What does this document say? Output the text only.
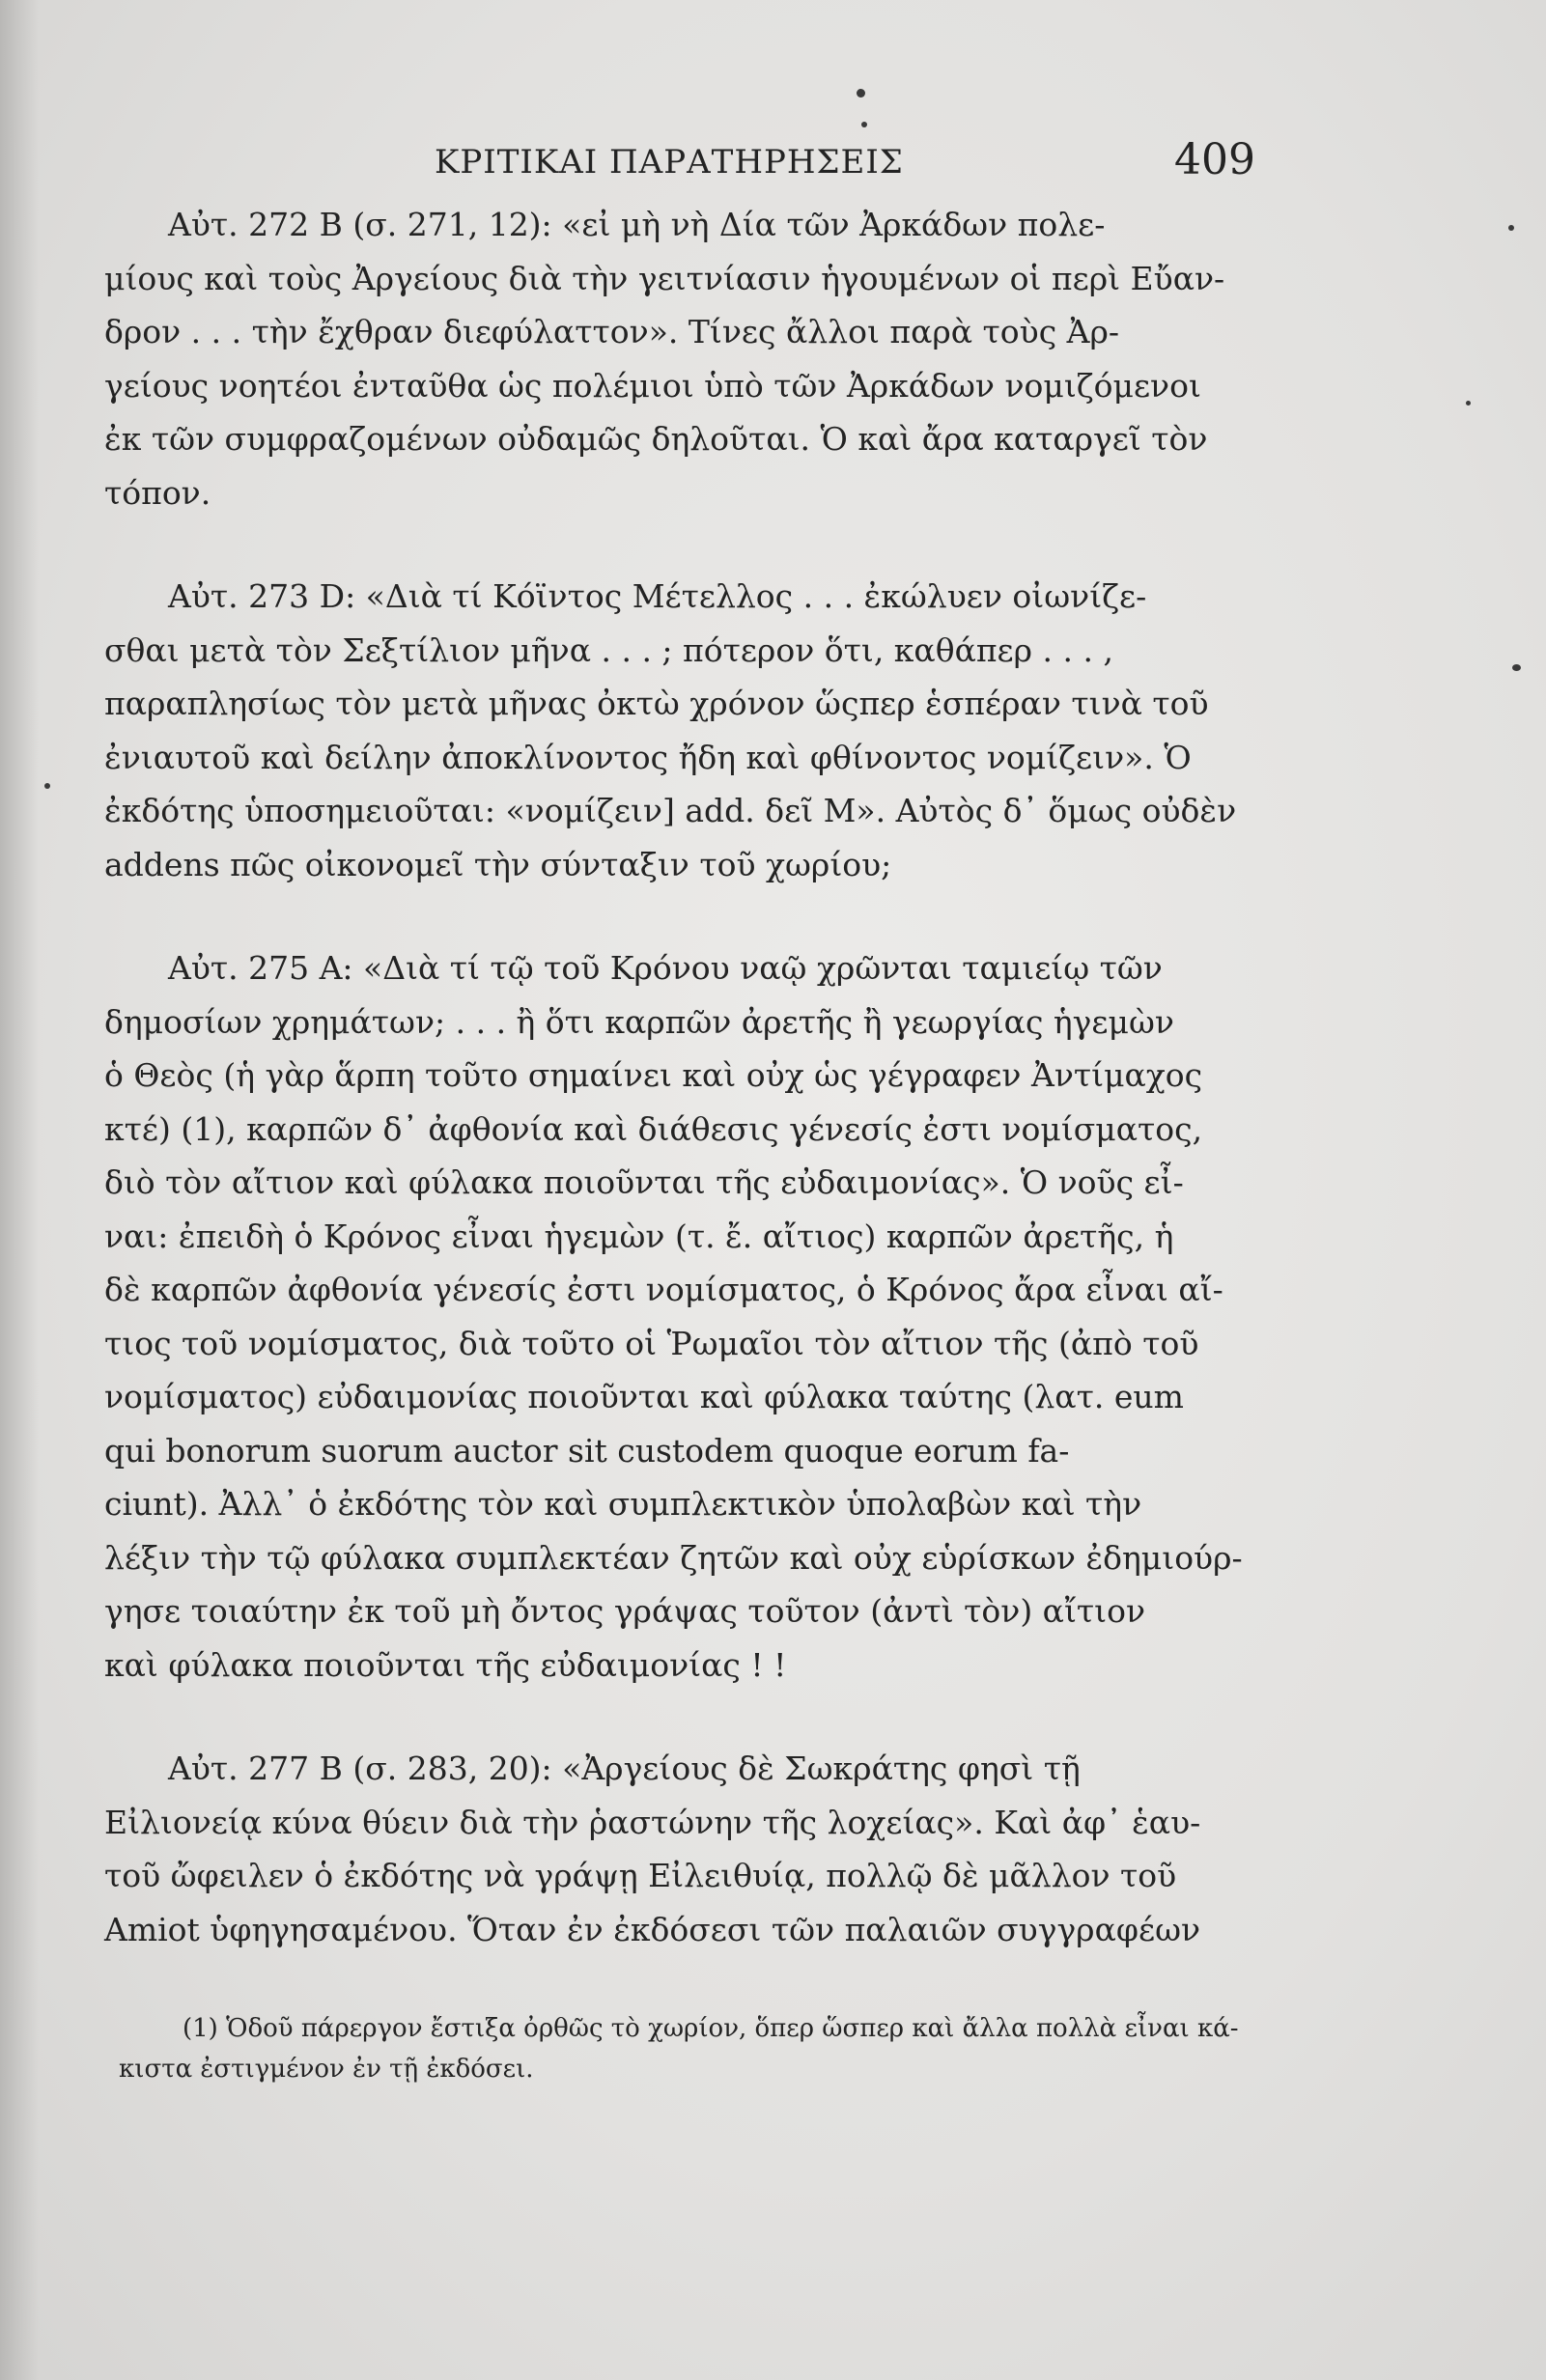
ΚΡΙΤΙΚΑΙ ΠΑΡΑΤΗΡΗΣΕΙΣ	409
Αὐτ. 272 Β (σ. 271, 12): «εἰ μὴ νὴ Δία τῶν Ἀρκάδων πολε-
μίους καὶ τοὺς Ἀργείους διὰ τὴν γειτνίασιν ἡγουμένων οἱ περὶ Εὔαν-
δρον . . . τὴν ἔχθραν διεφύλαττον». Τίνες ἄλλοι παρὰ τοὺς Ἀρ-
γείους νοητέοι ἐνταῦθα ὡς πολέμιοι ὑπὸ τῶν Ἀρκάδων νομιζόμενοι
ἐκ τῶν συμφραζομένων οὐδαμῶς δηλοῦται. Ὁ καὶ ἄρα καταργεῖ τὸν
τόπον.
Αὐτ. 273 D: «Διὰ τί Κόϊντος Μέτελλος . . . ἐκώλυεν οἰωνίζε-
σθαι μετὰ τὸν Σεξτίλιον μῆνα . . . ; πότερον ὅτι, καθάπερ . . . ,
παραπλησίως τὸν μετὰ μῆνας ὀκτὼ χρόνον ὥςπερ ἑσπέραν τινὰ τοῦ
ἐνιαυτοῦ καὶ δείλην ἀποκλίνοντος ἤδη καὶ φθίνοντος νομίζειν». Ὁ
ἐκδότης ὑποσημειοῦται: «νομίζειν] add. δεῖ M». Αὐτὸς δ᾽ ὅμως οὐδὲν
addens πῶς οἰκονομεῖ τὴν σύνταξιν τοῦ χωρίου;
Αὐτ. 275 Α: «Διὰ τί τῷ τοῦ Κρόνου ναῷ χρῶνται ταμιείῳ τῶν
δημοσίων χρημάτων; . . . ἢ ὅτι καρπῶν ἀρετῆς ἢ γεωργίας ἡγεμὼν
ὁ Θεὸς (ἡ γὰρ ἅρπη τοῦτο σημαίνει καὶ οὐχ ὡς γέγραφεν Ἀντίμαχος
κτέ) (1), καρπῶν δ᾽ ἀφθονία καὶ διάθεσις γένεσίς ἐστι νομίσματος,
διὸ τὸν αἴτιον καὶ φύλακα ποιοῦνται τῆς εὐδαιμονίας». Ὁ νοῦς εἶ-
ναι: ἐπειδὴ ὁ Κρόνος εἶναι ἡγεμὼν (τ. ἔ. αἴτιος) καρπῶν ἀρετῆς, ἡ
δὲ καρπῶν ἀφθονία γένεσίς ἐστι νομίσματος, ὁ Κρόνος ἄρα εἶναι αἴ-
τιος τοῦ νομίσματος, διὰ τοῦτο οἱ Ῥωμαῖοι τὸν αἴτιον τῆς (ἀπὸ τοῦ
νομίσματος) εὐδαιμονίας ποιοῦνται καὶ φύλακα ταύτης (λατ. eum
qui bonorum suorum auctor sit custodem quoque eorum fa-
ciunt). Ἀλλ᾽ ὁ ἐκδότης τὸν καὶ συμπλεκτικὸν ὑπολαβὼν καὶ τὴν
λέξιν τὴν τῷ φύλακα συμπλεκτέαν ζητῶν καὶ οὐχ εὑρίσκων ἐδημιούρ-
γησε τοιαύτην ἐκ τοῦ μὴ ὄντος γράψας τοῦτον (ἀντὶ τὸν) αἴτιον
καὶ φύλακα ποιοῦνται τῆς εὐδαιμονίας ! !
Αὐτ. 277 Β (σ. 283, 20): «Ἀργείους δὲ Σωκράτης φησὶ τῇ
Εἰλιονείᾳ κύνα θύειν διὰ τὴν ῥαστώνην τῆς λοχείας». Καὶ ἀφ᾽ ἑαυ-
τοῦ ὤφειλεν ὁ ἐκδότης νὰ γράψῃ Εἰλειθυίᾳ, πολλῷ δὲ μᾶλλον τοῦ
Amiot ὑφηγησαμένου. Ὅταν ἐν ἐκδόσεσι τῶν παλαιῶν συγγραφέων
(1) Ὁδοῦ πάρεργον ἔστιξα ὀρθῶς τὸ χωρίον, ὅπερ ὥσπερ καὶ ἄλλα πολλὰ εἶναι κά-
κιστα ἐστιγμένον ἐν τῇ ἐκδόσει.
